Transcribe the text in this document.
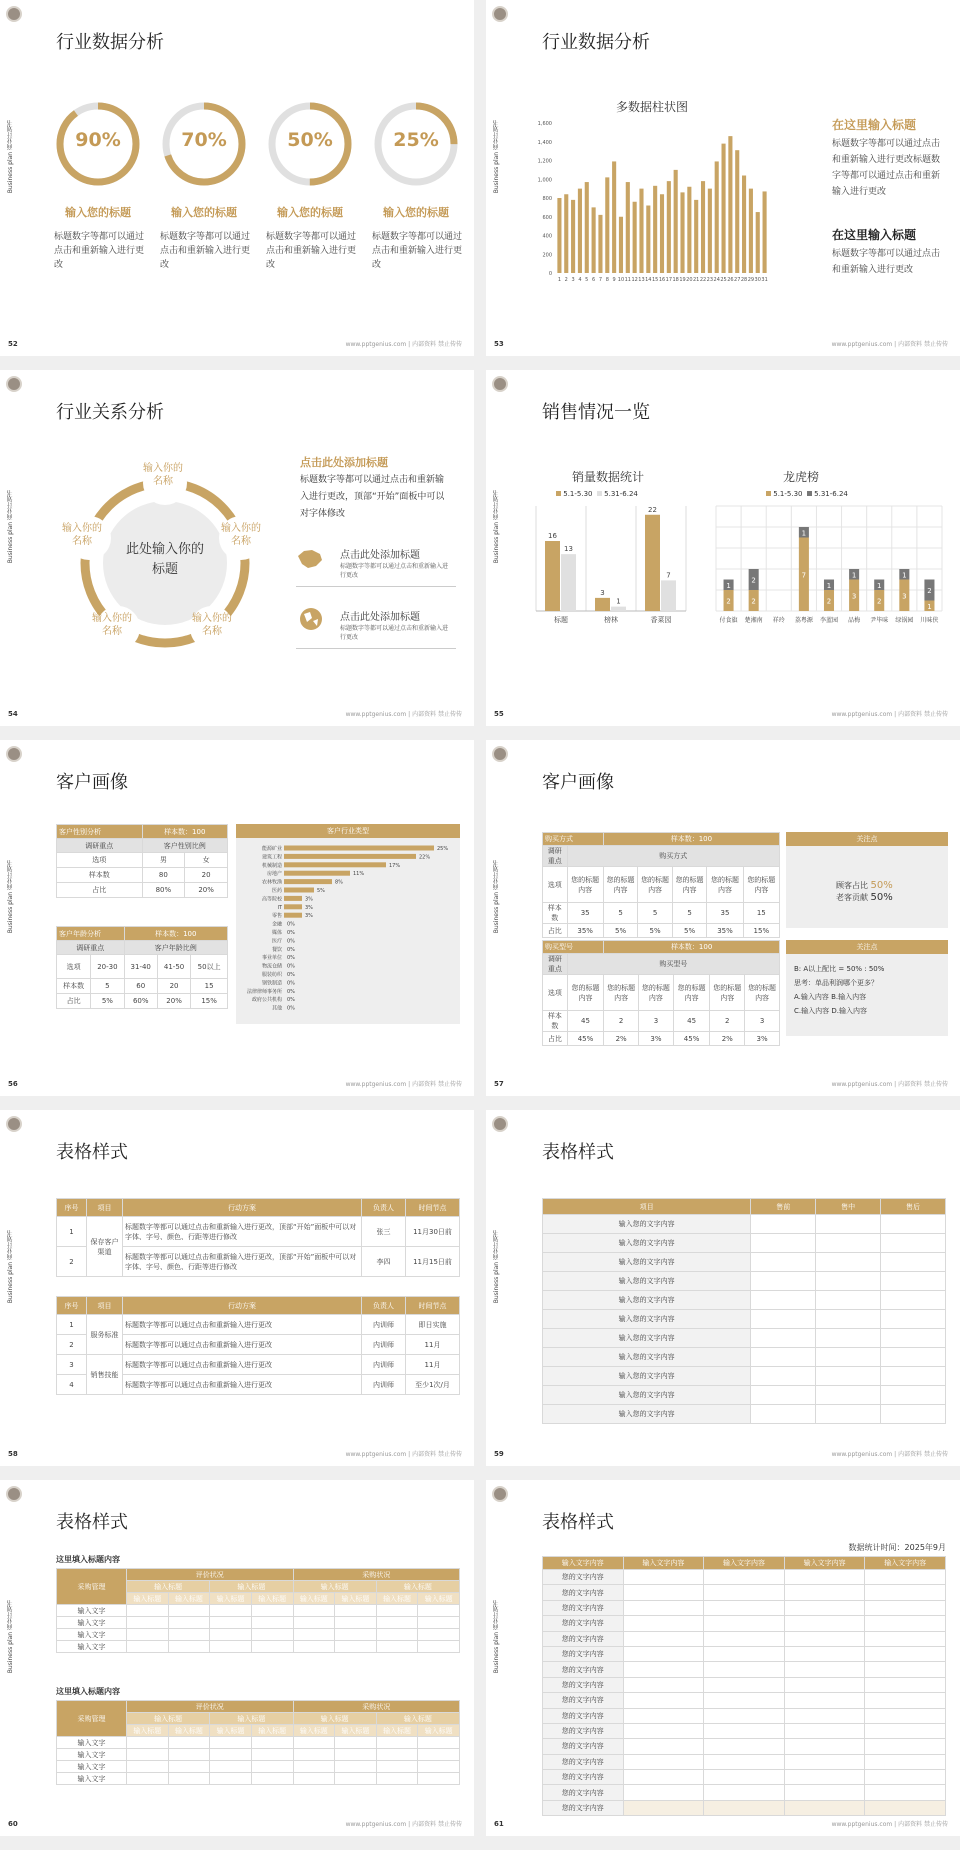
Business plan 商业计划书
行业数据分析
90%
输入您的标题
标题数字等都可以通过点击和重新输入进行更改
70%
输入您的标题
标题数字等都可以通过点击和重新输入进行更改
50%
输入您的标题
标题数字等都可以通过点击和重新输入进行更改
25%
输入您的标题
标题数字等都可以通过点击和重新输入进行更改
52	www.pptgenius.com | 内部资料 禁止传传
Business plan 商业计划书
行业数据分析
多数据柱状图
0
200
400
600
800
1,000
1,200
1,400
1,600
1 2 3 4 5 6 7 8 9 10 11 12 13 14 15 16 17 18 19 20 21 22 23 24 25 26 27 28 29 30 31
在这里输入标题
标题数字等都可以通过点击和重新输入进行更改标题数字等都可以通过点击和重新输入进行更改
在这里输入标题
标题数字等都可以通过点击和重新输入进行更改
53	www.pptgenius.com | 内部资料 禁止传传
Business plan 商业计划书
行业关系分析
此处输入你的标题
输入你的名称
输入你的名称
输入你的名称
输入你的名称
输入你的名称
点击此处添加标题
标题数字等都可以通过点击和重新输入进行更改，顶部“开始”面板中可以对字体修改
点击此处添加标题
标题数字等都可以通过点击和重新输入进行更改
点击此处添加标题
标题数字等都可以通过点击和重新输入进行更改
54	www.pptgenius.com | 内部资料 禁止传传
Business plan 商业计划书
销售情况一览
销量数据统计
5.1-5.30 5.31-6.24
16
13
标题
3
1
榜林
22
7
香菜园
龙虎榜
5.1-5.30 5.31-6.24
2
1
付食旗
2
2
楚湘南 祥玲
7
1
荔粤源
2
1
李蓝园
3
1
品梅
2
1
尹毕味
3
1
绿锅园
1
2
川味侠
55	www.pptgenius.com | 内部资料 禁止传传
Business plan 商业计划书
客户画像
客户性别分析	样本数：100	
调研重点	客户性别比例	
选项	男	女
样本数	80	20
占比	80%	20%
客户年龄分析		样本数：100		
调研重点		客户年龄比例		
选项	20-30	31-40	41-50	50以上
样本数	5	60	20	15
占比	5%	60%	20%	15%
客户行业类型
能源矿业	25%
建筑工程	22%
机械制造	17%
房地产	11%
农林牧渔	8%
医药	5%
高等院校	3%
IT	3%
零售	3%
金融 0%
媒体 0%
医疗 0%
餐饮 0%
事业单位 0%
物流仓储 0%
服装纺织 0%
钢铁制造 0%
法律律师事务所 0%
政府公共机构 0%
其他 0%
56	www.pptgenius.com | 内部资料 禁止传传
Business plan 商业计划书
客户画像
购买方式		样本数：100				
调研重点	购买方式					
选项	您的标题内容	您的标题内容	您的标题内容	您的标题内容	您的标题内容	您的标题内容
样本数	35	5	5	5	35	15
占比	35%	5%	5%	5%	35%	15%
关注点
顾客占比 50%
老客贡献 50%
购买型号		样本数：100				
调研重点	购买型号					
选项	您的标题内容	您的标题内容	您的标题内容	您的标题内容	您的标题内容	您的标题内容
样本数	45	2	3	45	2	3
占比	45%	2%	3%	45%	2%	3%
关注点
B: A以上配比 = 50% : 50%
思考：单品利润哪个更多？
A.输入内容 B.输入内容
C.输入内容 D.输入内容
57	www.pptgenius.com | 内部资料 禁止传传
Business plan 商业计划书
表格样式
序号	项目	行动方案	负责人	时间节点
1	保存客户渠道	标题数字等都可以通过点击和重新输入进行更改，顶部“开始”面板中可以对字体、字号、颜色、行距等进行修改	张三	11月30日前
2		标题数字等都可以通过点击和重新输入进行更改，顶部“开始”面板中可以对字体、字号、颜色、行距等进行修改	李四	11月15日前
序号	项目	行动方案	负责人	时间节点
1	服务标准	标题数字等都可以通过点击和重新输入进行更改	内训师	即日实施
2		标题数字等都可以通过点击和重新输入进行更改	内训师	11月
3	销售技能	标题数字等都可以通过点击和重新输入进行更改	内训师	11月
4		标题数字等都可以通过点击和重新输入进行更改	内训师	至少1次/月
58	www.pptgenius.com | 内部资料 禁止传传
Business plan 商业计划书
表格样式
项目	售前	售中	售后
输入您的文字内容			
输入您的文字内容			
输入您的文字内容			
输入您的文字内容			
输入您的文字内容			
输入您的文字内容			
输入您的文字内容			
输入您的文字内容			
输入您的文字内容			
输入您的文字内容			
输入您的文字内容			
59	www.pptgenius.com | 内部资料 禁止传传
Business plan 商业计划书
表格样式
这里填入标题内容
采购管理	评价状况				采购状况			
	输入标题		输入标题		输入标题		输入标题	
	输入标题	输入标题	输入标题	输入标题	输入标题	输入标题	输入标题	输入标题
输入文字								
输入文字								
输入文字								
输入文字								
这里填入标题内容
采购管理	评价状况				采购状况			
	输入标题		输入标题		输入标题		输入标题	
	输入标题	输入标题	输入标题	输入标题	输入标题	输入标题	输入标题	输入标题
输入文字								
输入文字								
输入文字								
输入文字								
60	www.pptgenius.com | 内部资料 禁止传传
Business plan 商业计划书
表格样式
数据统计时间：2025年9月
输入文字内容	输入文字内容	输入文字内容	输入文字内容	输入文字内容
您的文字内容				
您的文字内容				
您的文字内容				
您的文字内容				
您的文字内容				
您的文字内容				
您的文字内容				
您的文字内容				
您的文字内容				
您的文字内容				
您的文字内容				
您的文字内容				
您的文字内容				
您的文字内容				
您的文字内容				
您的文字内容				
61	www.pptgenius.com | 内部资料 禁止传传
